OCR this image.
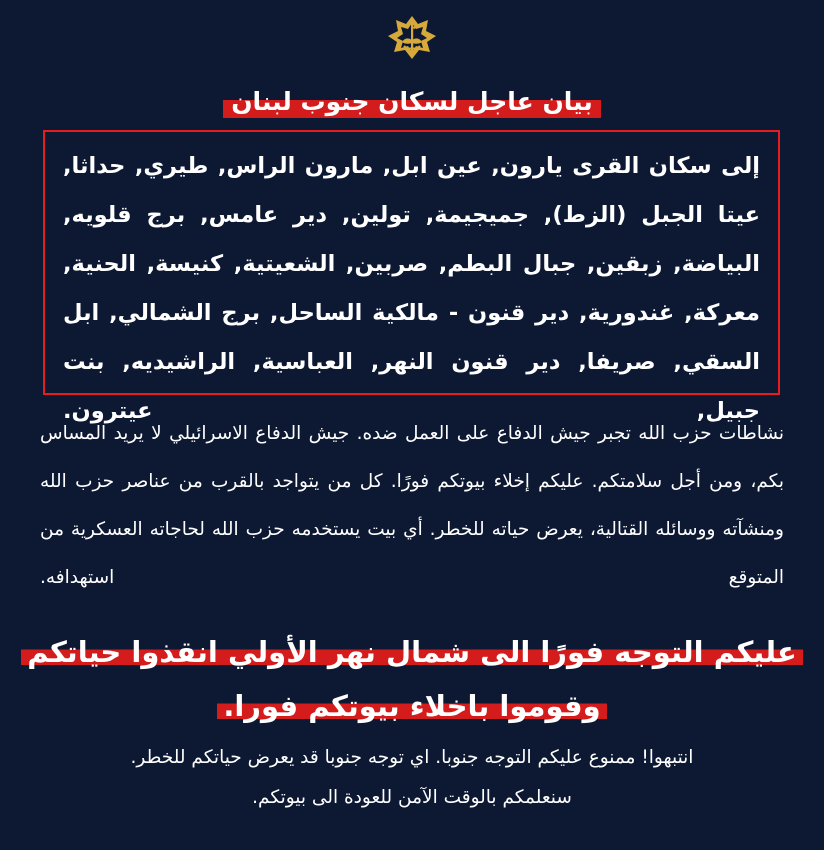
بيان عاجل لسكان جنوب لبنان

إلى سكان القرى يارون, عين ابل, مارون الراس, طيري, حداثا, عيتا الجبل (الزط), جميجيمة, تولين, دير عامس, برج قلويه, البياضة, زبقين, جبال البطم, صربين, الشعيتية, كنيسة, الحنية, معركة, غندورية, دير قنون - مالكية الساحل, برج الشمالي, ابل السقي, صريفا, دير قنون النهر, العباسية, الراشيديه, بنت جبيل, عيترون.

نشاطات حزب الله تجبر جيش الدفاع على العمل ضده. جيش الدفاع الاسرائيلي لا يريد المساس بكم، ومن أجل سلامتكم. عليكم إخلاء بيوتكم فورًا. كل من يتواجد بالقرب من عناصر حزب الله ومنشآته ووسائله القتالية، يعرض حياته للخطر. أي بيت يستخدمه حزب الله لحاجاته العسكرية من المتوقع استهدافه.

عليكم التوجه فورًا الى شمال نهر الأولي انقذوا حياتكم
وقوموا باخلاء بيوتكم فورا.
انتبهوا! ممنوع عليكم التوجه جنوبا. اي توجه جنوبا قد يعرض حياتكم للخطر.
سنعلمكم بالوقت الآمن للعودة الى بيوتكم.
